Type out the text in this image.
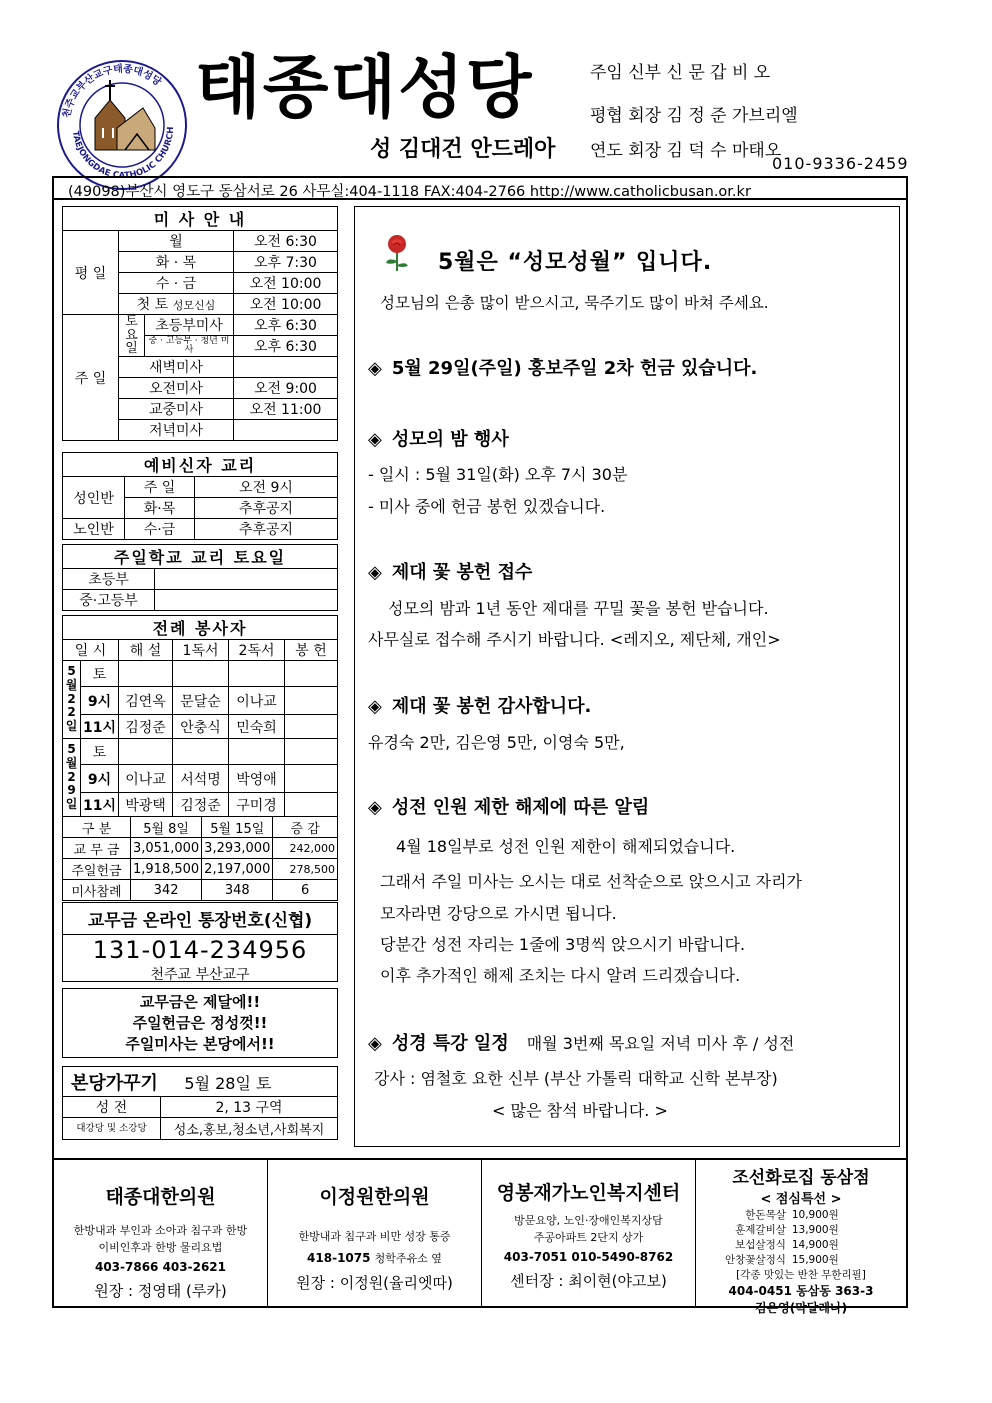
천주교부산교구태종대성당
TAEJONGDAE CATHOLIC CHURCH
태종대성당
성 김대건 안드레아
주임 신부 신 문 갑 비 오
평협 회장 김 정 준 가브리엘
연도 회장 김 덕 수 마태오
010-9336-2459
(49098)부산시 영도구 동삼서로 26 사무실:404-1118 FAX:404-2766 http://www.catholicbusan.or.kr
미 사 안 내			
평 일	월		오전 6:30
	화 · 목		오후 7:30
	수 · 금		오전 10:00
	첫 토 성모신심		오전 10:00
주 일	토요일	초등부미사	오후 6:30
		중 · 고등부 · 청년 미사	오후 6:30
	새벽미사		
	오전미사		오전 9:00
	교중미사		오전 11:00
	저녁미사		
예비신자 교리		
성인반	주 일	오전 9시
	화·목	추후공지
노인반	수·금	추후공지
주일학교 교리 토요일	
초등부	
중·고등부	
전례 봉사자					
일 시		해 설	1독서	2독서	봉 헌
5월22일	토				
	9시	김연옥	문달순	이나교	
	11시	김정준	안충식	민숙희	
5월29일	토				
	9시	이나교	서석명	박영애	
	11시	박광택	김정준	구미경	
구 분	5월 8일	5월 15일	증 감
교 무 금	3,051,000	3,293,000	242,000
주일헌금	1,918,500	2,197,000	278,500
미사참례	342	348	6
교무금 온라인 통장번호(신협)
131-014-234956
천주교 부산교구
교무금은 제달에!!
주일헌금은 정성껏!!
주일미사는 본당에서!!
본당가꾸기 5월 28일 토	
성 전	2, 13 구역
대강당 및 소강당	성소,홍보,청소년,사회복지
5월은 “성모성월” 입니다.
성모님의 은총 많이 받으시고, 묵주기도 많이 바쳐 주세요.
◈ 5월 29일(주일) 홍보주일 2차 헌금 있습니다.
◈ 성모의 밤 행사
- 일시 : 5월 31일(화) 오후 7시 30분
- 미사 중에 헌금 봉헌 있겠습니다.
◈ 제대 꽃 봉헌 접수
성모의 밤과 1년 동안 제대를 꾸밀 꽃을 봉헌 받습니다.
사무실로 접수해 주시기 바랍니다. <레지오, 제단체, 개인>
◈ 제대 꽃 봉헌 감사합니다.
유경숙 2만, 김은영 5만, 이영숙 5만,
◈ 성전 인원 제한 해제에 따른 알림
4월 18일부로 성전 인원 제한이 해제되었습니다.
그래서 주일 미사는 오시는 대로 선착순으로 앉으시고 자리가
모자라면 강당으로 가시면 됩니다.
당분간 성전 자리는 1줄에 3명씩 앉으시기 바랍니다.
이후 추가적인 해제 조치는 다시 알려 드리겠습니다.
◈ 성경 특강 일정 매월 3번째 목요일 저녁 미사 후 / 성전
강사 : 염철호 요한 신부 (부산 가톨릭 대학교 신학 본부장)
< 많은 참석 바랍니다. >
태종대한의원
한방내과 부인과 소아과 침구과 한방
이비인후과 한방 물리요법
403-7866 403-2621
원장 : 정영태 (루카)
이정원한의원
한방내과 침구과 비만 성장 통증
418-1075 청학주유소 옆
원장 : 이정원(율리엣따)
영봉재가노인복지센터
방문요양, 노인·장애인복지상담
주공아파트 2단지 상가
403-7051 010-5490-8762
센터장 : 최이현(야고보)
조선화로집 동삼점
< 점심특선 >
한돈목살	10,900원
훈제갈비살	13,900원
보섭살정식	14,900원
안창꽃살정식	15,900원
[각종 맛있는 반찬 무한리필]
404-0451 동삼동 363-3
김은영(막달레나)
